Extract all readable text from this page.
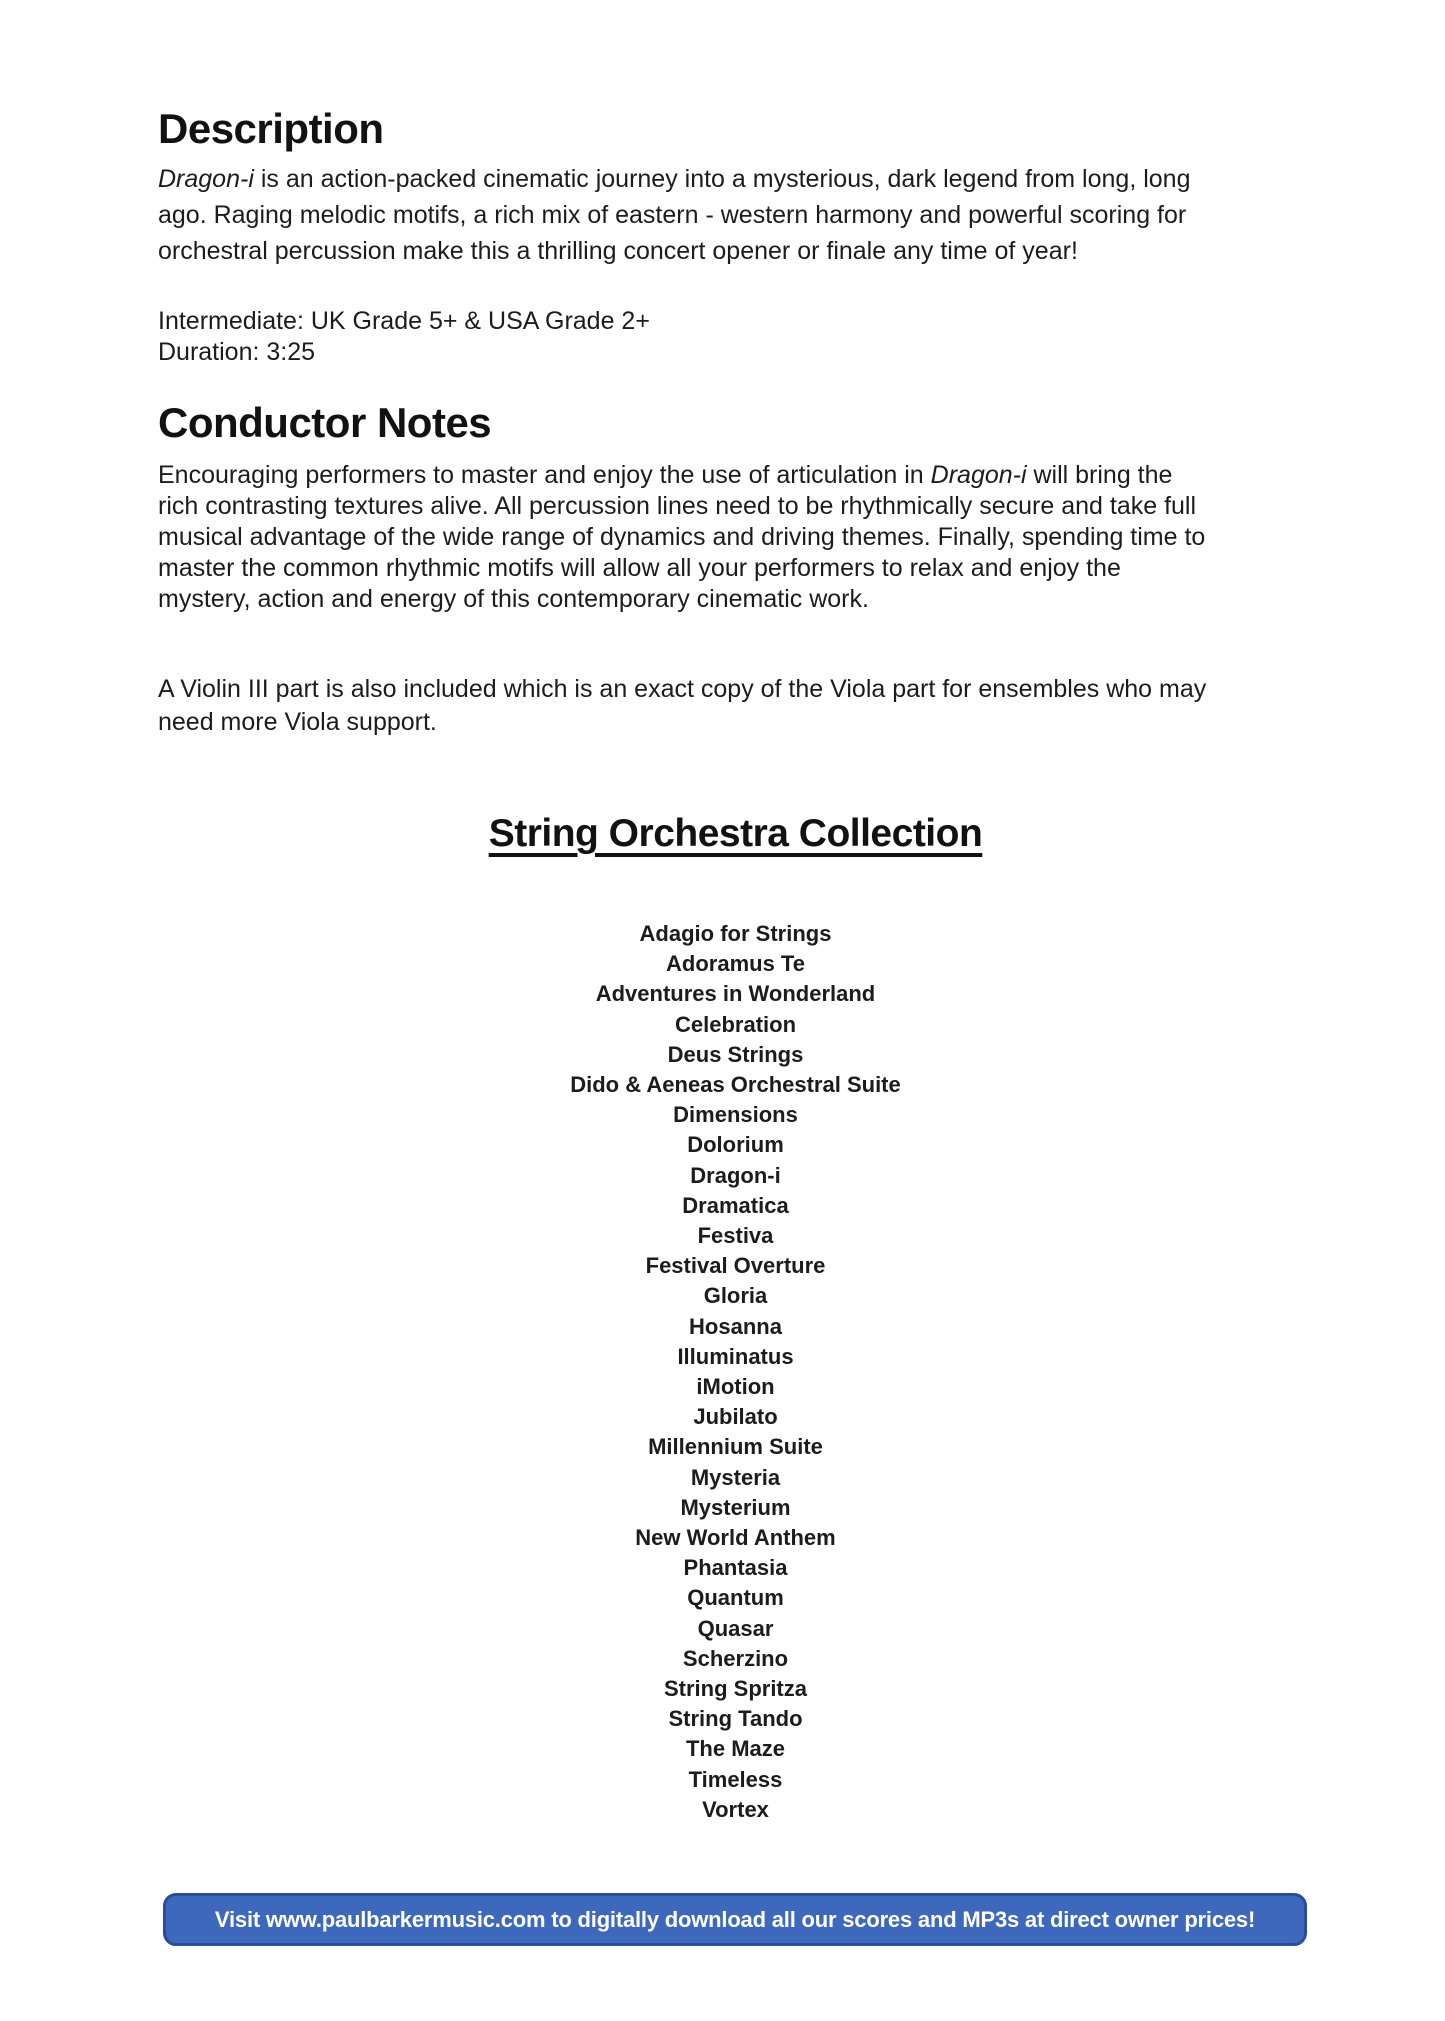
Description
Dragon-i is an action-packed cinematic journey into a mysterious, dark legend from long, long
ago. Raging melodic motifs, a rich mix of eastern - western harmony and powerful scoring for
orchestral percussion make this a thrilling concert opener or finale any time of year!
Intermediate: UK Grade 5+ & USA Grade 2+
Duration: 3:25
Conductor Notes
Encouraging performers to master and enjoy the use of articulation in Dragon-i will bring the
rich contrasting textures alive. All percussion lines need to be rhythmically secure and take full
musical advantage of the wide range of dynamics and driving themes. Finally, spending time to
master the common rhythmic motifs will allow all your performers to relax and enjoy the
mystery, action and energy of this contemporary cinematic work.
A Violin III part is also included which is an exact copy of the Viola part for ensembles who may
need more Viola support.
String Orchestra Collection
Adagio for Strings
Adoramus Te
Adventures in Wonderland
Celebration
Deus Strings
Dido & Aeneas Orchestral Suite
Dimensions
Dolorium
Dragon-i
Dramatica
Festiva
Festival Overture
Gloria
Hosanna
Illuminatus
iMotion
Jubilato
Millennium Suite
Mysteria
Mysterium
New World Anthem
Phantasia
Quantum
Quasar
Scherzino
String Spritza
String Tando
The Maze
Timeless
Vortex
Visit www.paulbarkermusic.com to digitally download all our scores and MP3s at direct owner prices!
